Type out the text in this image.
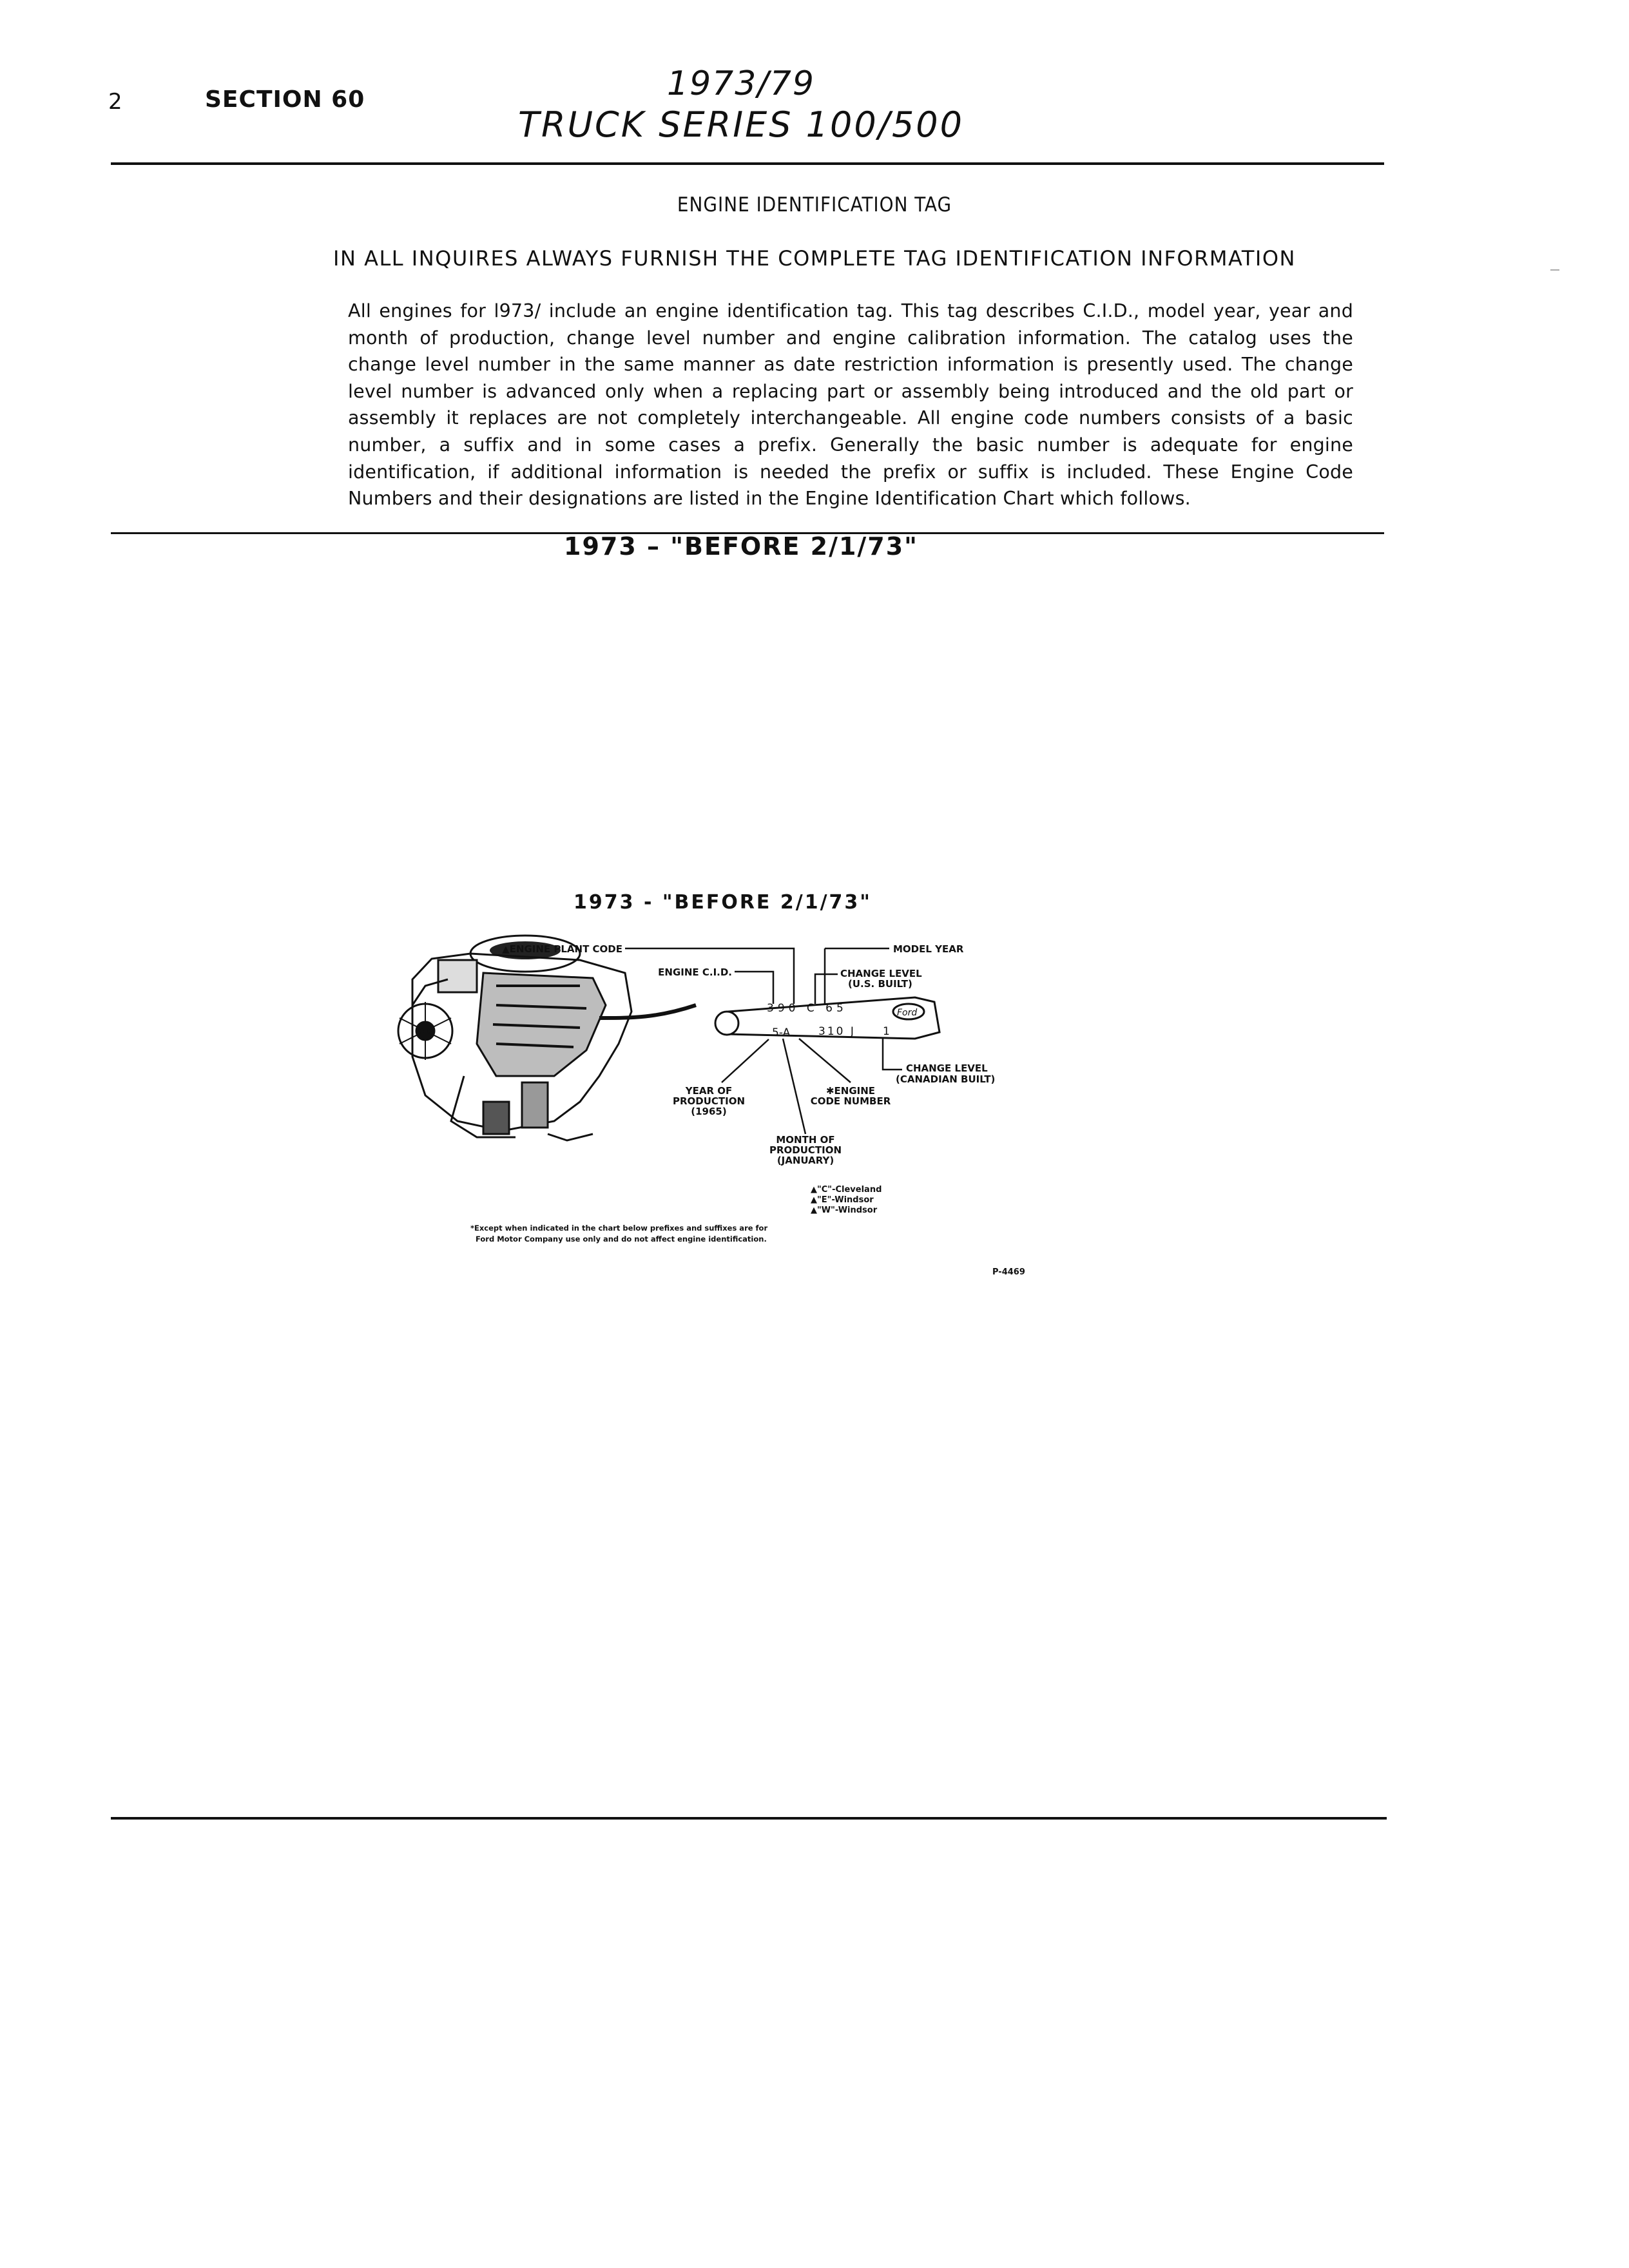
2	SECTION 60	1973/79
TRUCK SERIES 100/500
ENGINE IDENTIFICATION TAG
IN ALL INQUIRES ALWAYS FURNISH THE COMPLETE TAG IDENTIFICATION INFORMATION

All engines for l973/ include an engine identification tag. This tag describes C.I.D., model year, year and month of production, change level number and engine calibration information. The catalog uses the change level number in the same manner as date restriction information is presently used. The change level number is advanced only when a replacing part or assembly being introduced and the old part or assembly it replaces are not completely interchangeable. All engine code numbers consists of a basic number, a suffix and in some cases a prefix. Generally the basic number is adequate for engine identification, if additional information is needed the prefix or suffix is included. These Engine Code Numbers and their designations are listed in the Engine Identification Chart which follows.

1973 – "BEFORE 2/1/73"
1973 - "BEFORE 2/1/73"
Ford
390 C 65
5-A	310 J 1
▲ENGINE PLANT CODE	MODEL YEAR
ENGINE C.I.D.	CHANGE LEVEL
(U.S. BUILT)
CHANGE LEVEL
(CANADIAN BUILT)
YEAR OF
PRODUCTION
(1965)
✱ENGINE
CODE NUMBER
MONTH OF
PRODUCTION
(JANUARY)
▲"C"-Cleveland
▲"E"-Windsor
▲"W"-Windsor
*Except when indicated in the chart below prefixes and suffixes are for
Ford Motor Company use only and do not affect engine identification.
P-4469
